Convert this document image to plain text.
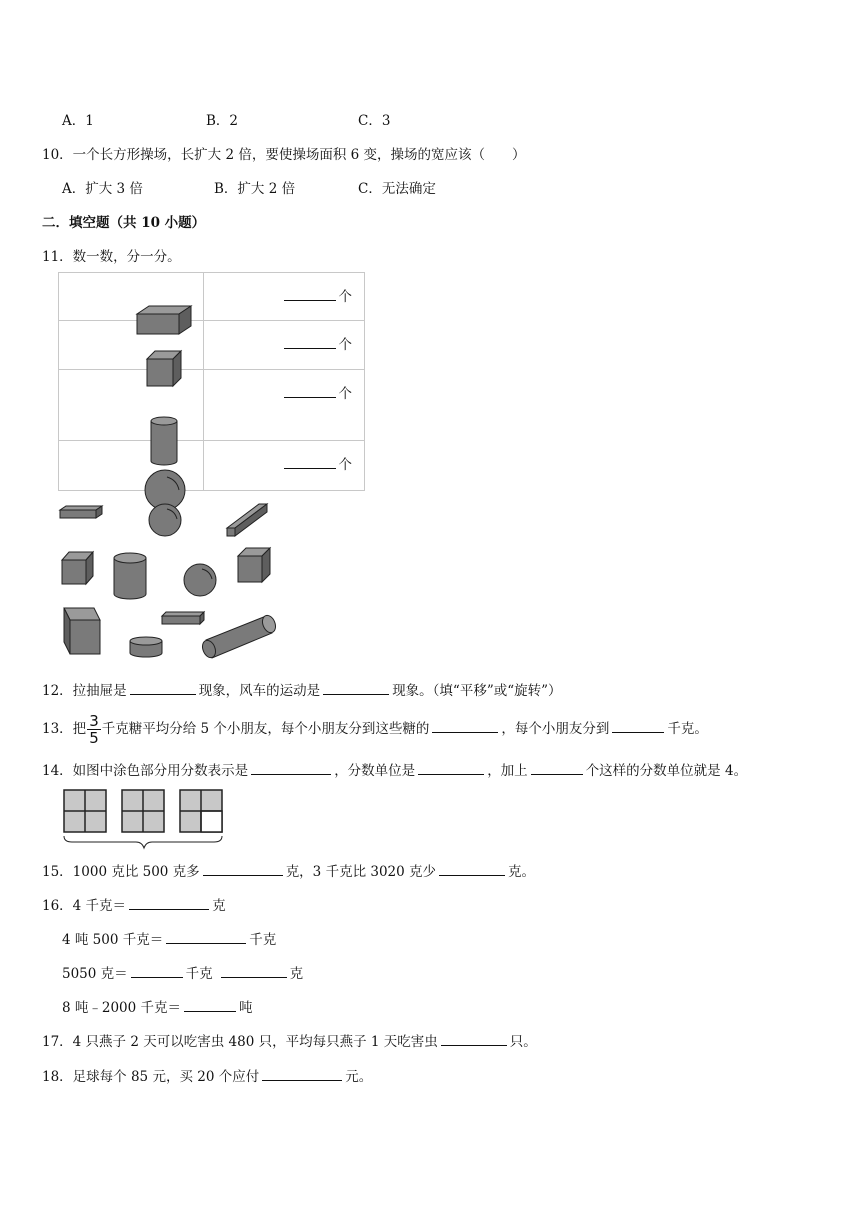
A．1	B．2	C．3
10．一个长方形操场，长扩大 2 倍，要使操场面积 6 变，操场的宽应该（　　）
A．扩大 3 倍	B．扩大 2 倍	C．无法确定
二．填空题（共 10 小题）
11．数一数，分一分。

个

个

个

个
12．拉抽屉是	现象，风车的运动是	现象。（填“平移”或“旋转”）
13．把 $\frac{3}{5}$ 千克糖平均分给 5 个小朋友，每个小朋友分到这些糖的	，每个小朋友分到	千克。
14．如图中涂色部分用分数表示是	，分数单位是	，加上	个这样的分数单位就是 4。
15．1000 克比 500 克多	克，3 千克比 3020 克少	克。
16．4 千克＝	克
4 吨 500 千克＝	千克
5050 克＝	千克	克
8 吨﹣2000 千克＝	吨
17．4 只燕子 2 天可以吃害虫 480 只，平均每只燕子 1 天吃害虫	只。
18．足球每个 85 元，买 20 个应付	元。
